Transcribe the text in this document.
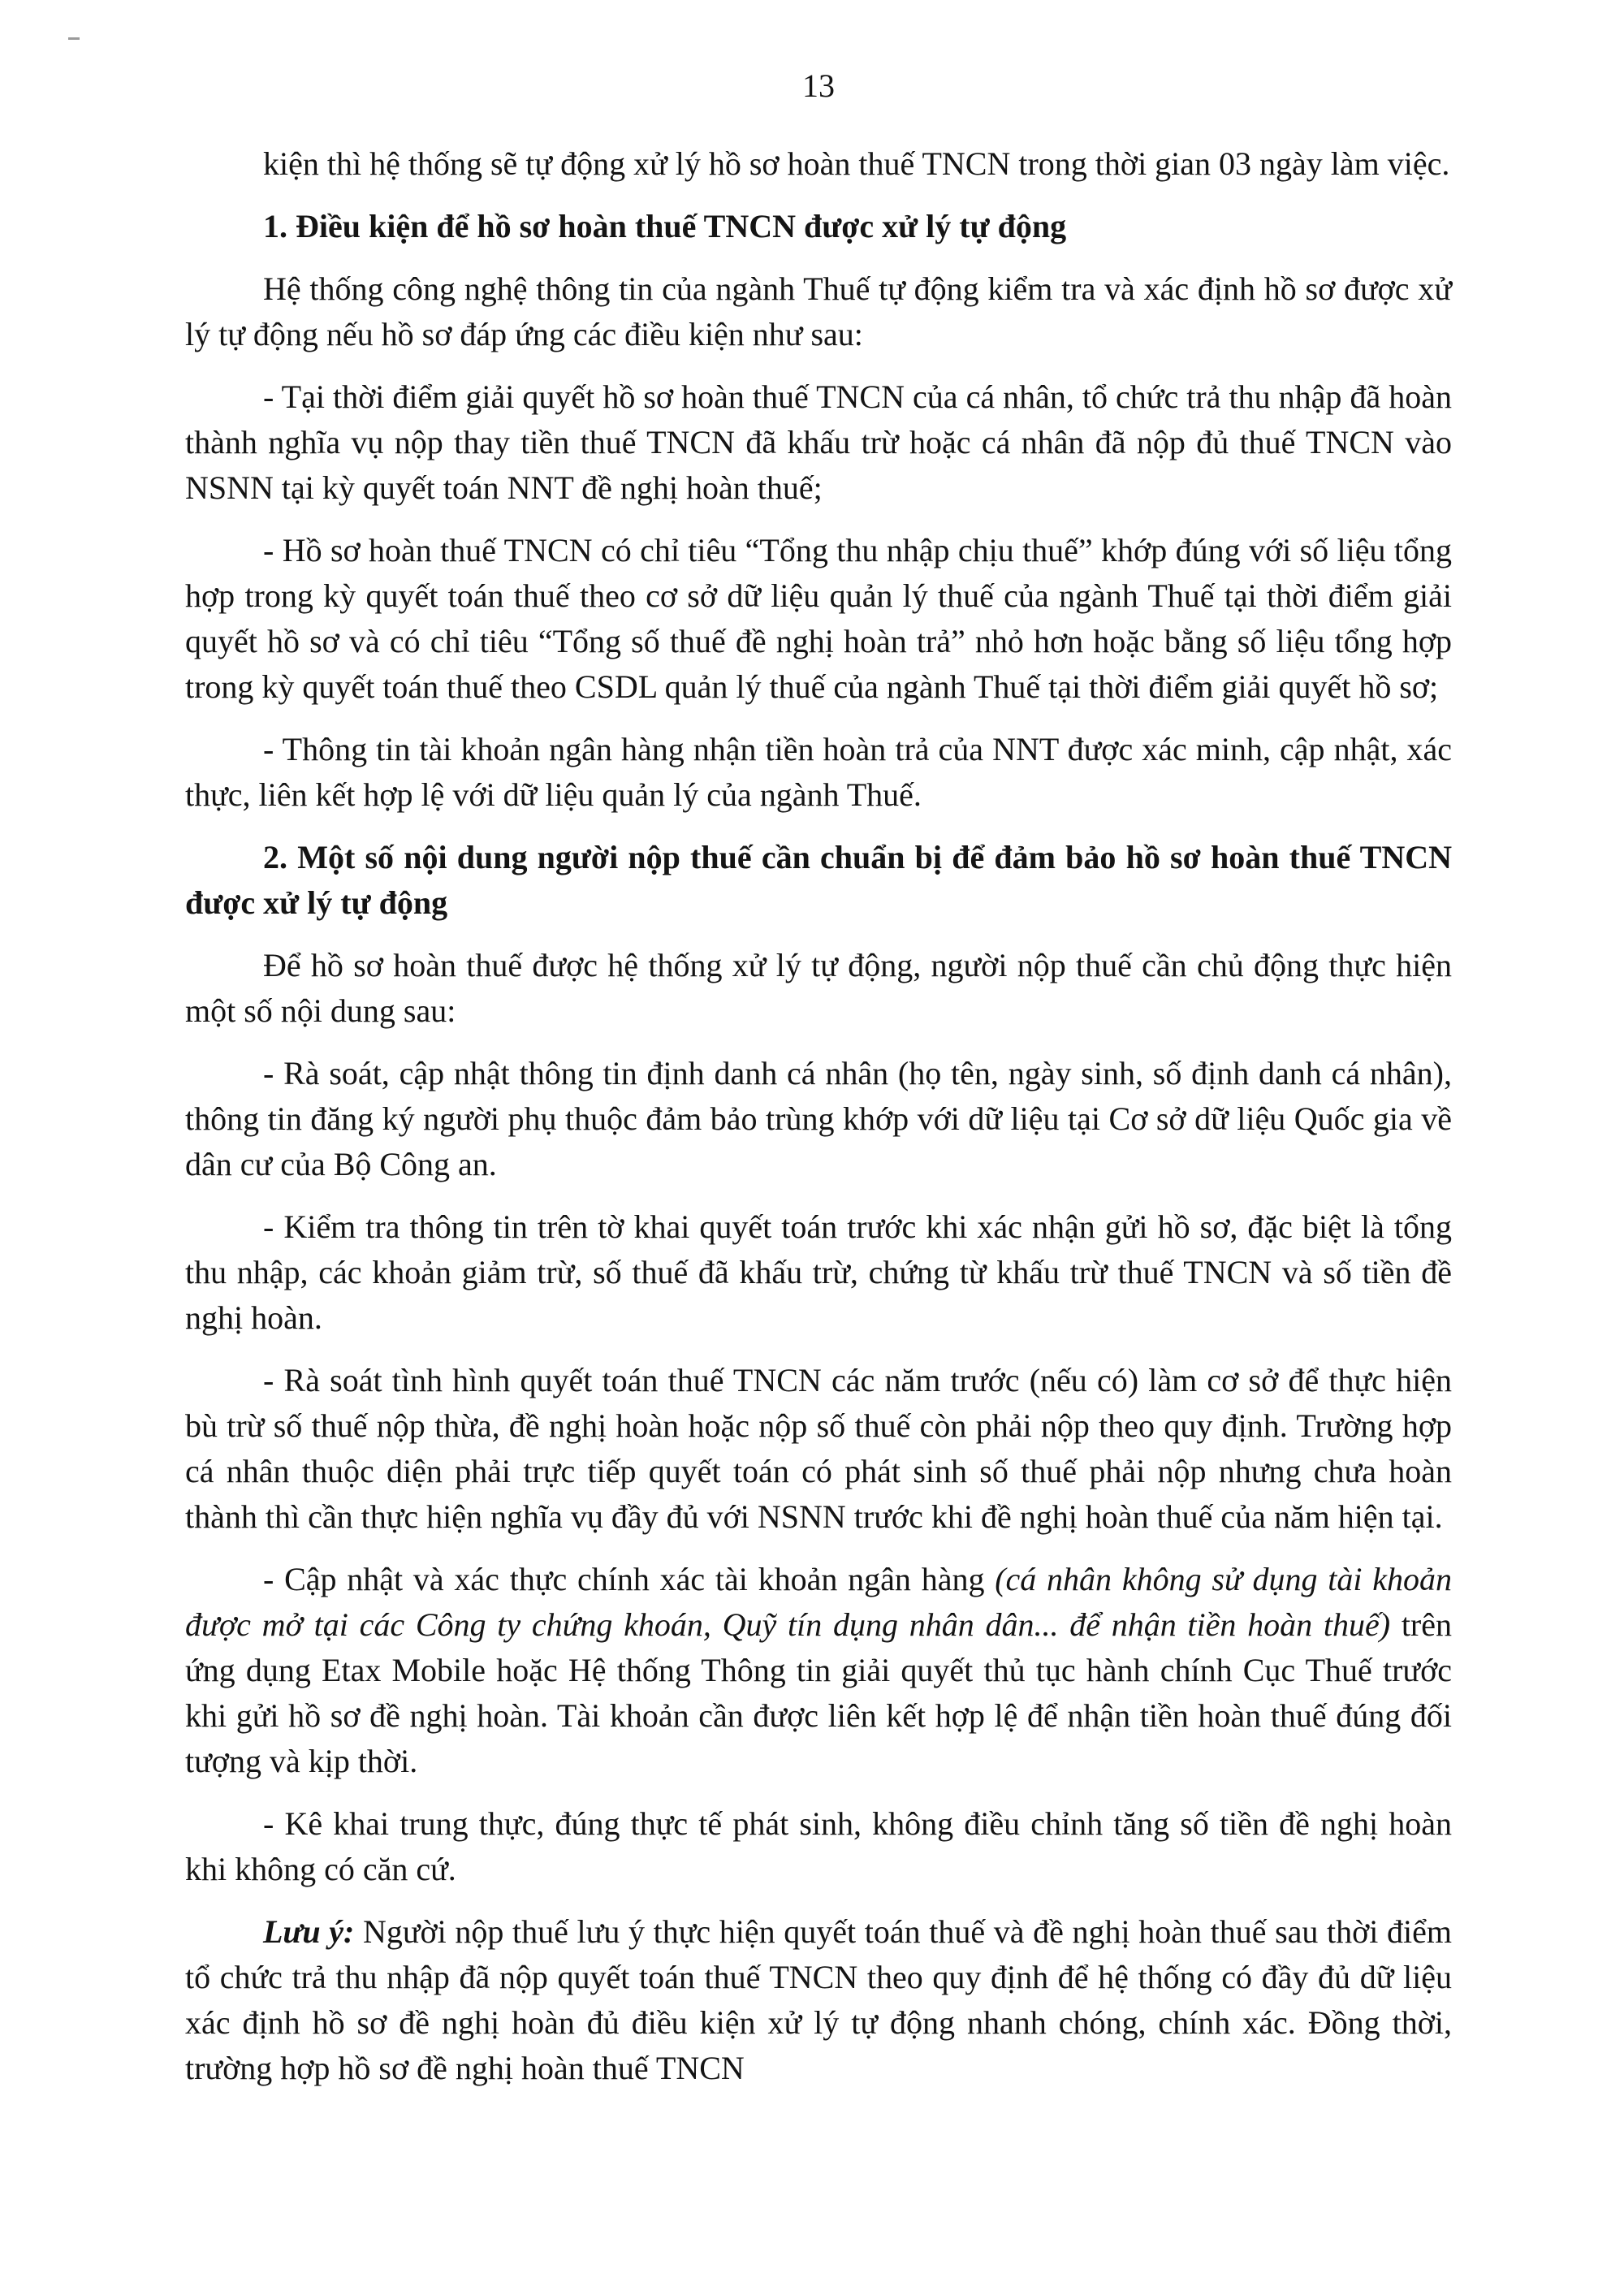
13

kiện thì hệ thống sẽ tự động xử lý hồ sơ hoàn thuế TNCN trong thời gian 03 ngày làm việc.

1. Điều kiện để hồ sơ hoàn thuế TNCN được xử lý tự động

Hệ thống công nghệ thông tin của ngành Thuế tự động kiểm tra và xác định hồ sơ được xử lý tự động nếu hồ sơ đáp ứng các điều kiện như sau:

- Tại thời điểm giải quyết hồ sơ hoàn thuế TNCN của cá nhân, tổ chức trả thu nhập đã hoàn thành nghĩa vụ nộp thay tiền thuế TNCN đã khấu trừ hoặc cá nhân đã nộp đủ thuế TNCN vào NSNN tại kỳ quyết toán NNT đề nghị hoàn thuế;

- Hồ sơ hoàn thuế TNCN có chỉ tiêu “Tổng thu nhập chịu thuế” khớp đúng với số liệu tổng hợp trong kỳ quyết toán thuế theo cơ sở dữ liệu quản lý thuế của ngành Thuế tại thời điểm giải quyết hồ sơ và có chỉ tiêu “Tổng số thuế đề nghị hoàn trả” nhỏ hơn hoặc bằng số liệu tổng hợp trong kỳ quyết toán thuế theo CSDL quản lý thuế của ngành Thuế tại thời điểm giải quyết hồ sơ;

- Thông tin tài khoản ngân hàng nhận tiền hoàn trả của NNT được xác minh, cập nhật, xác thực, liên kết hợp lệ với dữ liệu quản lý của ngành Thuế.

2. Một số nội dung người nộp thuế cần chuẩn bị để đảm bảo hồ sơ hoàn thuế TNCN được xử lý tự động

Để hồ sơ hoàn thuế được hệ thống xử lý tự động, người nộp thuế cần chủ động thực hiện một số nội dung sau:

- Rà soát, cập nhật thông tin định danh cá nhân (họ tên, ngày sinh, số định danh cá nhân), thông tin đăng ký người phụ thuộc đảm bảo trùng khớp với dữ liệu tại Cơ sở dữ liệu Quốc gia về dân cư của Bộ Công an.

- Kiểm tra thông tin trên tờ khai quyết toán trước khi xác nhận gửi hồ sơ, đặc biệt là tổng thu nhập, các khoản giảm trừ, số thuế đã khấu trừ, chứng từ khấu trừ thuế TNCN và số tiền đề nghị hoàn.

- Rà soát tình hình quyết toán thuế TNCN các năm trước (nếu có) làm cơ sở để thực hiện bù trừ số thuế nộp thừa, đề nghị hoàn hoặc nộp số thuế còn phải nộp theo quy định. Trường hợp cá nhân thuộc diện phải trực tiếp quyết toán có phát sinh số thuế phải nộp nhưng chưa hoàn thành thì cần thực hiện nghĩa vụ đầy đủ với NSNN trước khi đề nghị hoàn thuế của năm hiện tại.

- Cập nhật và xác thực chính xác tài khoản ngân hàng (cá nhân không sử dụng tài khoản được mở tại các Công ty chứng khoán, Quỹ tín dụng nhân dân... để nhận tiền hoàn thuế) trên ứng dụng Etax Mobile hoặc Hệ thống Thông tin giải quyết thủ tục hành chính Cục Thuế trước khi gửi hồ sơ đề nghị hoàn. Tài khoản cần được liên kết hợp lệ để nhận tiền hoàn thuế đúng đối tượng và kịp thời.

- Kê khai trung thực, đúng thực tế phát sinh, không điều chỉnh tăng số tiền đề nghị hoàn khi không có căn cứ.

Lưu ý: Người nộp thuế lưu ý thực hiện quyết toán thuế và đề nghị hoàn thuế sau thời điểm tổ chức trả thu nhập đã nộp quyết toán thuế TNCN theo quy định để hệ thống có đầy đủ dữ liệu xác định hồ sơ đề nghị hoàn đủ điều kiện xử lý tự động nhanh chóng, chính xác. Đồng thời, trường hợp hồ sơ đề nghị hoàn thuế TNCN
